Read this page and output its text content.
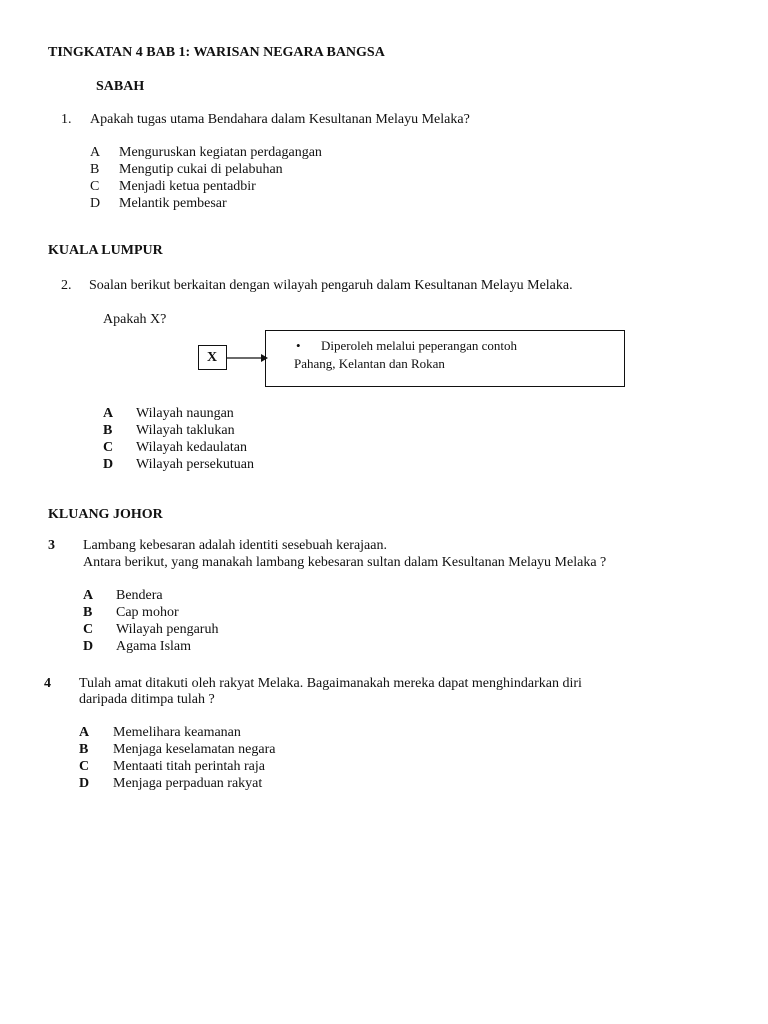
TINGKATAN 4 BAB 1: WARISAN NEGARA BANGSA
SABAH
1. Apakah tugas utama Bendahara dalam Kesultanan Melayu Melaka?
A Menguruskan kegiatan perdagangan
B Mengutip cukai di pelabuhan
C Menjadi ketua pentadbir
D Melantik pembesar
KUALA LUMPUR
2. Soalan berikut berkaitan dengan wilayah pengaruh dalam Kesultanan Melayu Melaka.
Apakah X?
X
• Diperoleh melalui peperangan contoh
Pahang, Kelantan dan Rokan
A Wilayah naungan
B Wilayah taklukan
C Wilayah kedaulatan
D Wilayah persekutuan
KLUANG JOHOR
3 Lambang kebesaran adalah identiti sesebuah kerajaan.
Antara berikut, yang manakah lambang kebesaran sultan dalam Kesultanan Melayu Melaka ?
A Bendera
B Cap mohor
C Wilayah pengaruh
D Agama Islam
4 Tulah amat ditakuti oleh rakyat Melaka. Bagaimanakah mereka dapat menghindarkan diri
daripada ditimpa tulah ?
A Memelihara keamanan
B Menjaga keselamatan negara
C Mentaati titah perintah raja
D Menjaga perpaduan rakyat
